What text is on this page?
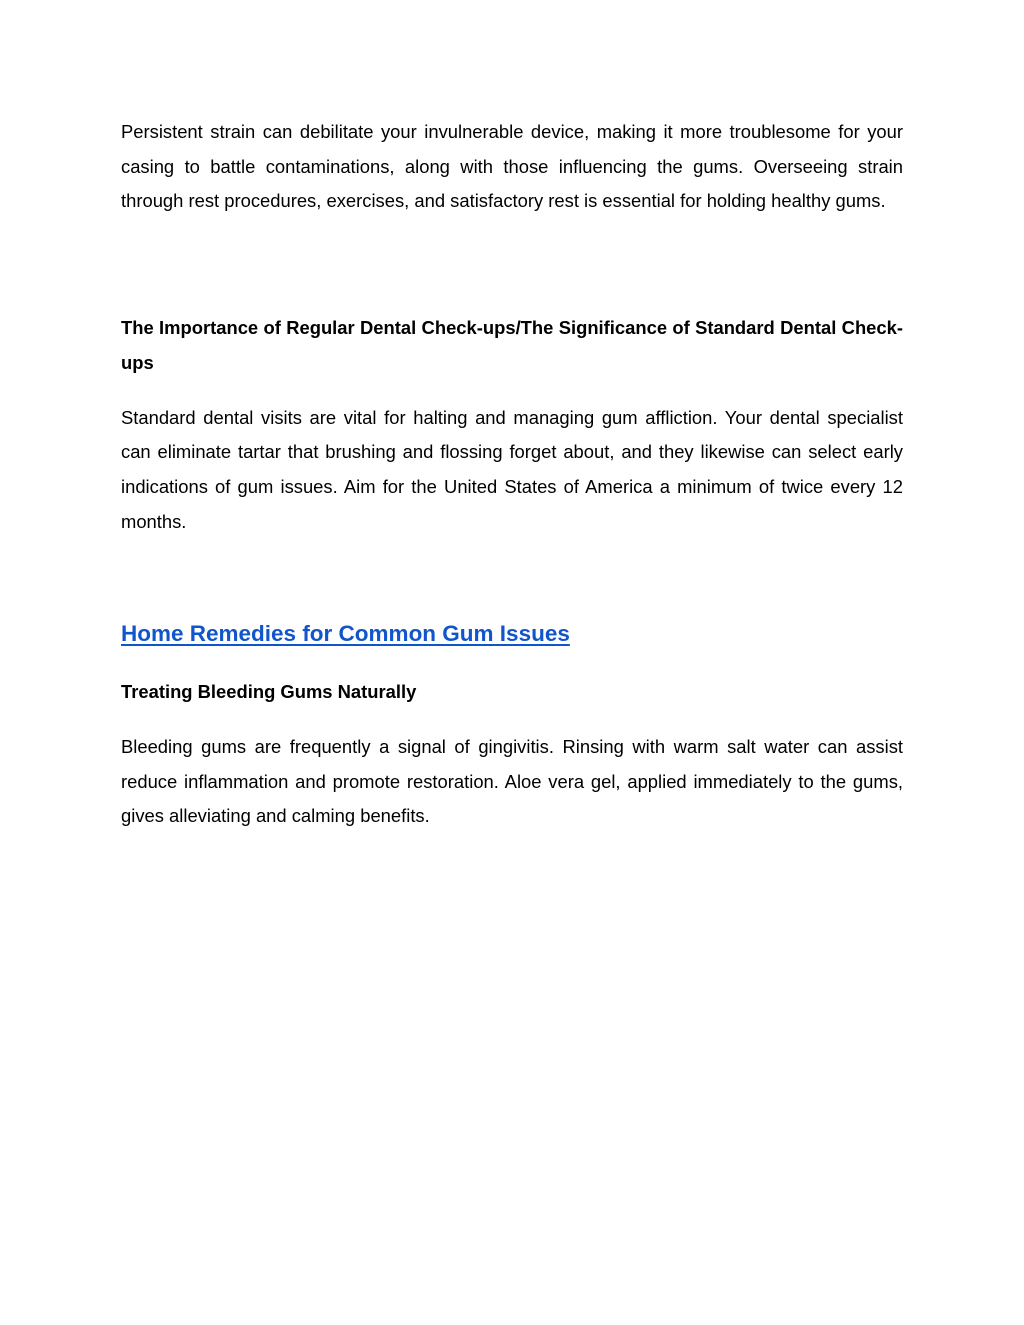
Persistent strain can debilitate your invulnerable device, making it more troublesome for your casing to battle contaminations, along with those influencing the gums. Overseeing strain through rest procedures, exercises, and satisfactory rest is essential for holding healthy gums.

The Importance of Regular Dental Check-ups/The Significance of Standard Dental Check-ups

Standard dental visits are vital for halting and managing gum affliction. Your dental specialist can eliminate tartar that brushing and flossing forget about, and they likewise can select early indications of gum issues. Aim for the United States of America a minimum of twice every 12 months.

Home Remedies for Common Gum Issues
Treating Bleeding Gums Naturally

Bleeding gums are frequently a signal of gingivitis. Rinsing with warm salt water can assist reduce inflammation and promote restoration. Aloe vera gel, applied immediately to the gums, gives alleviating and calming benefits.
